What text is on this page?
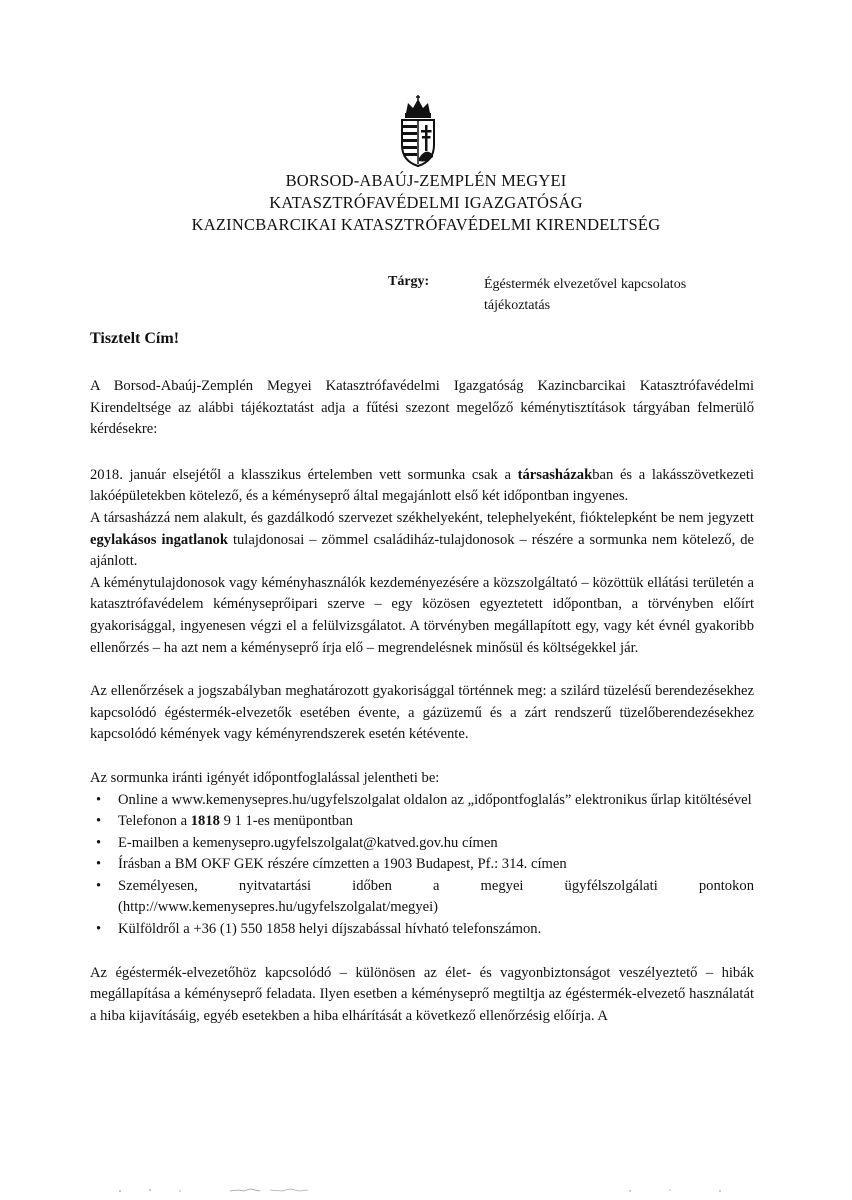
BORSOD-ABAÚJ-ZEMPLÉN MEGYEI
KATASZTRÓFAVÉDELMI IGAZGATÓSÁG
KAZINCBARCIKAI KATASZTRÓFAVÉDELMI KIRENDELTSÉG
Tárgy:	Égéstermék elvezetővel kapcsolatos tájékoztatás
Tisztelt Cím!

A Borsod-Abaúj-Zemplén Megyei Katasztrófavédelmi Igazgatóság Kazincbarcikai Katasztrófavédelmi Kirendeltsége az alábbi tájékoztatást adja a fűtési szezont megelőző kéménytisztítások tárgyában felmerülő kérdésekre:

2018. január elsejétől a klasszikus értelemben vett sormunka csak a társasházakban és a lakásszövetkezeti lakóépületekben kötelező, és a kéményseprő által megajánlott első két időpontban ingyenes.

A társasházzá nem alakult, és gazdálkodó szervezet székhelyeként, telephelyeként, fióktelepként be nem jegyzett egylakásos ingatlanok tulajdonosai – zömmel családiház-tulajdonosok – részére a sormunka nem kötelező, de ajánlott.

A kéménytulajdonosok vagy kéményhasználók kezdeményezésére a közszolgáltató – közöttük ellátási területén a katasztrófavédelem kéményseprőipari szerve – egy közösen egyeztetett időpontban, a törvényben előírt gyakorisággal, ingyenesen végzi el a felülvizsgálatot. A törvényben megállapított egy, vagy két évnél gyakoribb ellenőrzés – ha azt nem a kéményseprő írja elő – megrendelésnek minősül és költségekkel jár.

Az ellenőrzések a jogszabályban meghatározott gyakorisággal történnek meg: a szilárd tüzelésű berendezésekhez kapcsolódó égéstermék-elvezetők esetében évente, a gázüzemű és a zárt rendszerű tüzelőberendezésekhez kapcsolódó kémények vagy kéményrendszerek esetén kétévente.

Az sormunka iránti igényét időpontfoglalással jelentheti be:

• Online a www.kemenysepres.hu/ugyfelszolgalat oldalon az „időpontfoglalás” elektronikus űrlap kitöltésével
• Telefonon a 1818 9 1 1-es menüpontban
• E-mailben a kemenysepro.ugyfelszolgalat@katved.gov.hu címen
• Írásban a BM OKF GEK részére címzetten a 1903 Budapest, Pf.: 314. címen
• Személyesen, nyitvatartási időben a megyei ügyfélszolgálati pontokon (http://www.kemenysepres.hu/ugyfelszolgalat/megyei)
• Külföldről a +36 (1) 550 1858 helyi díjszabással hívható telefonszámon.

Az égéstermék-elvezetőhöz kapcsolódó – különösen az élet- és vagyonbiztonságot veszélyeztető – hibák megállapítása a kéményseprő feladata. Ilyen esetben a kéményseprő megtiltja az égéstermék-elvezető használatát a hiba kijavításáig, egyéb esetekben a hiba elhárítását a következő ellenőrzésig előírja. A
